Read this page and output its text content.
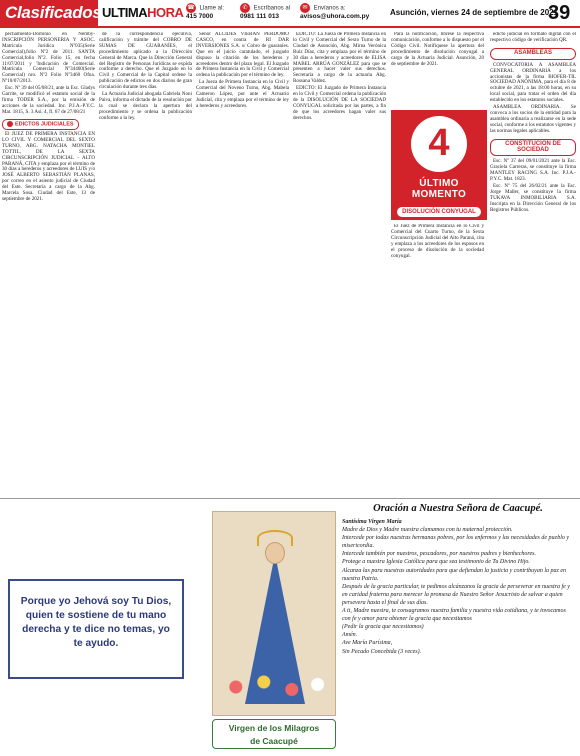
Clasificados ULTIMAHORA ☎ Llame al:
415 7000
✆ Escríbanos al
0981 111 013
✉ Envíanos a:
avisos@uhora.com.py	Asunción, viernes 24 de septiembre de 2021
39

pechamiento-Dominio en Nemby- INSCRIPCIÓN PERSONERIA Y ASOC. Matrícula Jurídica Nº035(Serie Comercial),folio Nº2 de 2011. SANTA Comercial,folio Nº2. Folio 15, en fecha 11/07/2011 y 'Indicación de Comercial. Matrícula Comercial Nº34460(Serie Comercial) nro. Nº2 Folio Nº3460 Ofna. Nº10/07/2013.

Esc. Nº 39 del 05/08/21, ante la Esc. Gladys Garrite, se modificó el estatuto social de la firma TODER S.A., por la emisión de acciones de la sociedad. Inc. P.J.A.-P.Y.C. Mat. 1815, S. 3 Asi. 4, fl. 67 de 27/08/21

EDICTOS JUDICIALES

El JUEZ DE PRIMERA INSTANCIA EN LO CIVIL Y COMERCIAL DEL SEXTO TURNO, ABG. NATACHA MONTIEL TOTTIL, DE LA SEXTA CIRCUNSCRIPCIÓN JUDICIAL - ALTO PARANÁ, CITA y emplaza por el término de 30 días a herederos y acreedores de LUIS y/o JOSÉ ALBERTO SEBASTIÁN PLANAS, por correo en el asiento judicial de Ciudad del Este. Secretaría a cargo de la Abg. Marcela Sosa. Ciudad del Este, 13 de septiembre de 2021.

de la correspondencia ejecutiva, calificación y trámite del COBRO DE SUMAS DE GUARANÍES, el procedimiento aplicado a la Dirección General de Marca. Que la Dirección General del Registro de Personas Jurídicas se expida conforme a derecho. Que el Juzgado en lo Civil y Comercial de la Capital ordene la publicación de edictos en dos diarios de gran circulación durante tres días.

La Actuaria Judicial abogada Gabriela Noni Paiva, informa el dictado de la resolución por la cual se declara la apertura del procedimiento y se ordena la publicación conforme a la ley.

Señor ALCIDES VIERÁN PERDOMO CASCO, en contra de RI DAR INVERSIONES S.A. s/ Cobro de guaraníes. Que en el juicio caratulado, el juzgado dispuso la citación de los herederos y acreedores dentro del plazo legal. El Juzgado de Primera Instancia en lo Civil y Comercial ordena la publicación por el término de ley.

La Jueza de Primera Instancia en lo Civil y Comercial del Noveno Turno, Abg. Mabela Cameron López, por ante el Actuario Judicial, cita y emplaza por el término de ley a herederos y acreedores.

EDICTO: La Jueza de Primera Instancia en lo Civil y Comercial del Sexto Turno de la Ciudad de Asunción, Abg. Mirna Verónica Ruiz Díaz, cita y emplaza por el término de 30 días a herederos y acreedores de ELISA MABEL ARRÚA GONZÁLEZ para que se presenten a hacer valer sus derechos. Secretaría a cargo de la actuaria Abg. Rossana Valdez.

EDICTO: El Juzgado de Primera Instancia en lo Civil y Comercial ordena la publicación de la DISOLUCIÓN DE LA SOCIEDAD CONYUGAL solicitada por las partes, a fin de que los acreedores hagan valer sus derechos.

Para la notificación, librese la respectiva comunicación, conforme a lo dispuesto por el Código Civil. Notifíquese la apertura del procedimiento de disolución conyugal a cargo de la Actuaria Judicial. Asunción, 20 de septiembre de 2021.

4
ÚLTIMO MOMENTO
DISOLUCIÓN CONYUGAL

El Juez de Primera Instancia en lo Civil y Comercial del Cuarto Turno, de la Sexta Circunscripción Judicial del Alto Paraná, cita y emplaza a los acreedores de los esposos en el proceso de disolución de la sociedad conyugal.

edicto judicial en formato digital con el respectivo código de verificación QR.

ASAMBLEAS

CONVOCATORIA A ASAMBLEA GENERAL ORDINARIA a los accionistas de la firma BIOFER-TIL SOCIEDAD ANÓNIMA, para el día 8 de octubre de 2021, a las 18:00 horas, en su local social, para tratar el orden del día establecido en los estatutos sociales.

ASAMBLEA ORDINARIA. Se convoca a los socios de la entidad para la asamblea ordinaria a realizarse en la sede social, conforme a los estatutos vigentes y las normas legales aplicables.

CONSTITUCIÓN DE SOCIEDAD

Esc. Nº 37 del 09/01/2021 ante la Esc. Graciela Carreras, se constituye la firma MANTLEY RACING S.A. Inc. P.J.A.-P.Y.C. Mat. 1823.

Esc. Nº 75 del 26/02/21 ante la Esc. Jorge Maller, se constituye la firma TUKAVA INMOBILIARIA S.A. Inscripta en la Dirección General de los Registros Públicos.

Porque yo Jehová soy Tu Dios, quien te sostiene de tu mano derecha y te dice no temas, yo te ayudo.
Virgen de los Milagros
de Caacupé
Oración a Nuestra Señora de Caacupé.

Santísima Virgen María

Madre de Dios y Madre nuestra clamamos con tu maternal protección.

Intercede por todas nuestras hermanas pobres, por los enfermos y las necesidades de pueblo y misericordia.

Intercede también por nuestros, pescadores, por nuestros padres y bienhechores.

Protege a nuestra Iglesia Católica para que sea testimonio de Tu Divino Hijo.

Alcanza las para nuestras autoridades para que defiendan la justicia y contribuyan la paz en nuestra Patria.

Después de la gracia particular, te pedimos alcánzanos la gracia de perseverar en nuestra fe y en caridad fraterna para merecer la promesa de Nuestro Señor Jesucristo de salvar a quien persevera hasta el final de sus días.

A ti, Madre nuestra, te consagramos nuestra familia y nuestra vida cotidiana, y te invocamos con fe y amor para obtener la gracia que necesitamos

(Pedir la gracia que necesitamos)

Amén.

Ave María Purísima,

Sin Pecado Concebida (3 veces).
